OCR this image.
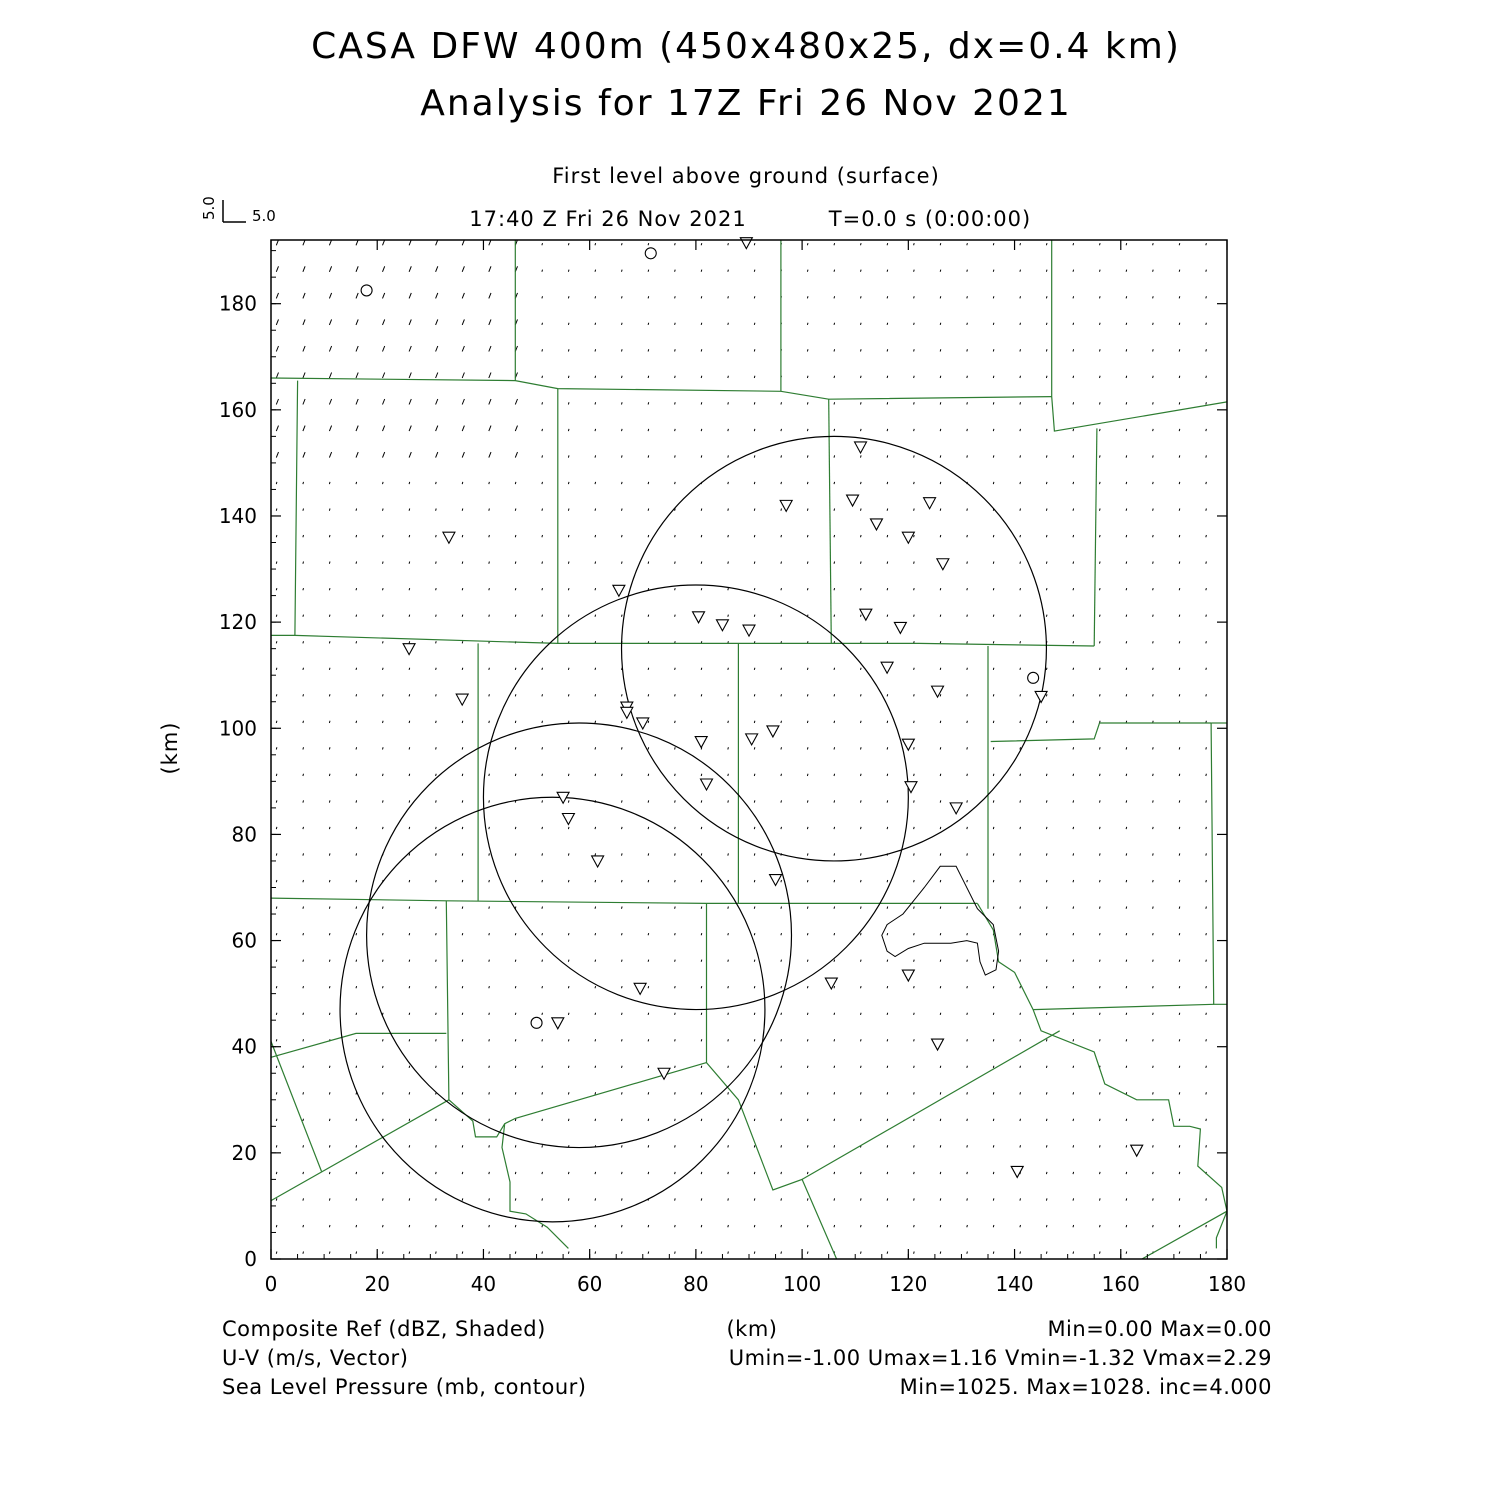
CASA DFW 400m (450x480x25, dx=0.4 km)
Analysis for 17Z Fri 26 Nov 2021
First level above ground (surface)
17:40 Z Fri 26 Nov 2021	T=0.0 s (0:00:00)
5.0
5.0
0	20	40	60	80	100	120	140	160	180
0
20
40
60
80
100
120
140
160
180
(km)
Composite Ref (dBZ, Shaded)
U-V (m/s, Vector)
Sea Level Pressure (mb, contour)
(km)	Min=0.00 Max=0.00
Umin=-1.00 Umax=1.16 Vmin=-1.32 Vmax=2.29
Min=1025. Max=1028. inc=4.000
